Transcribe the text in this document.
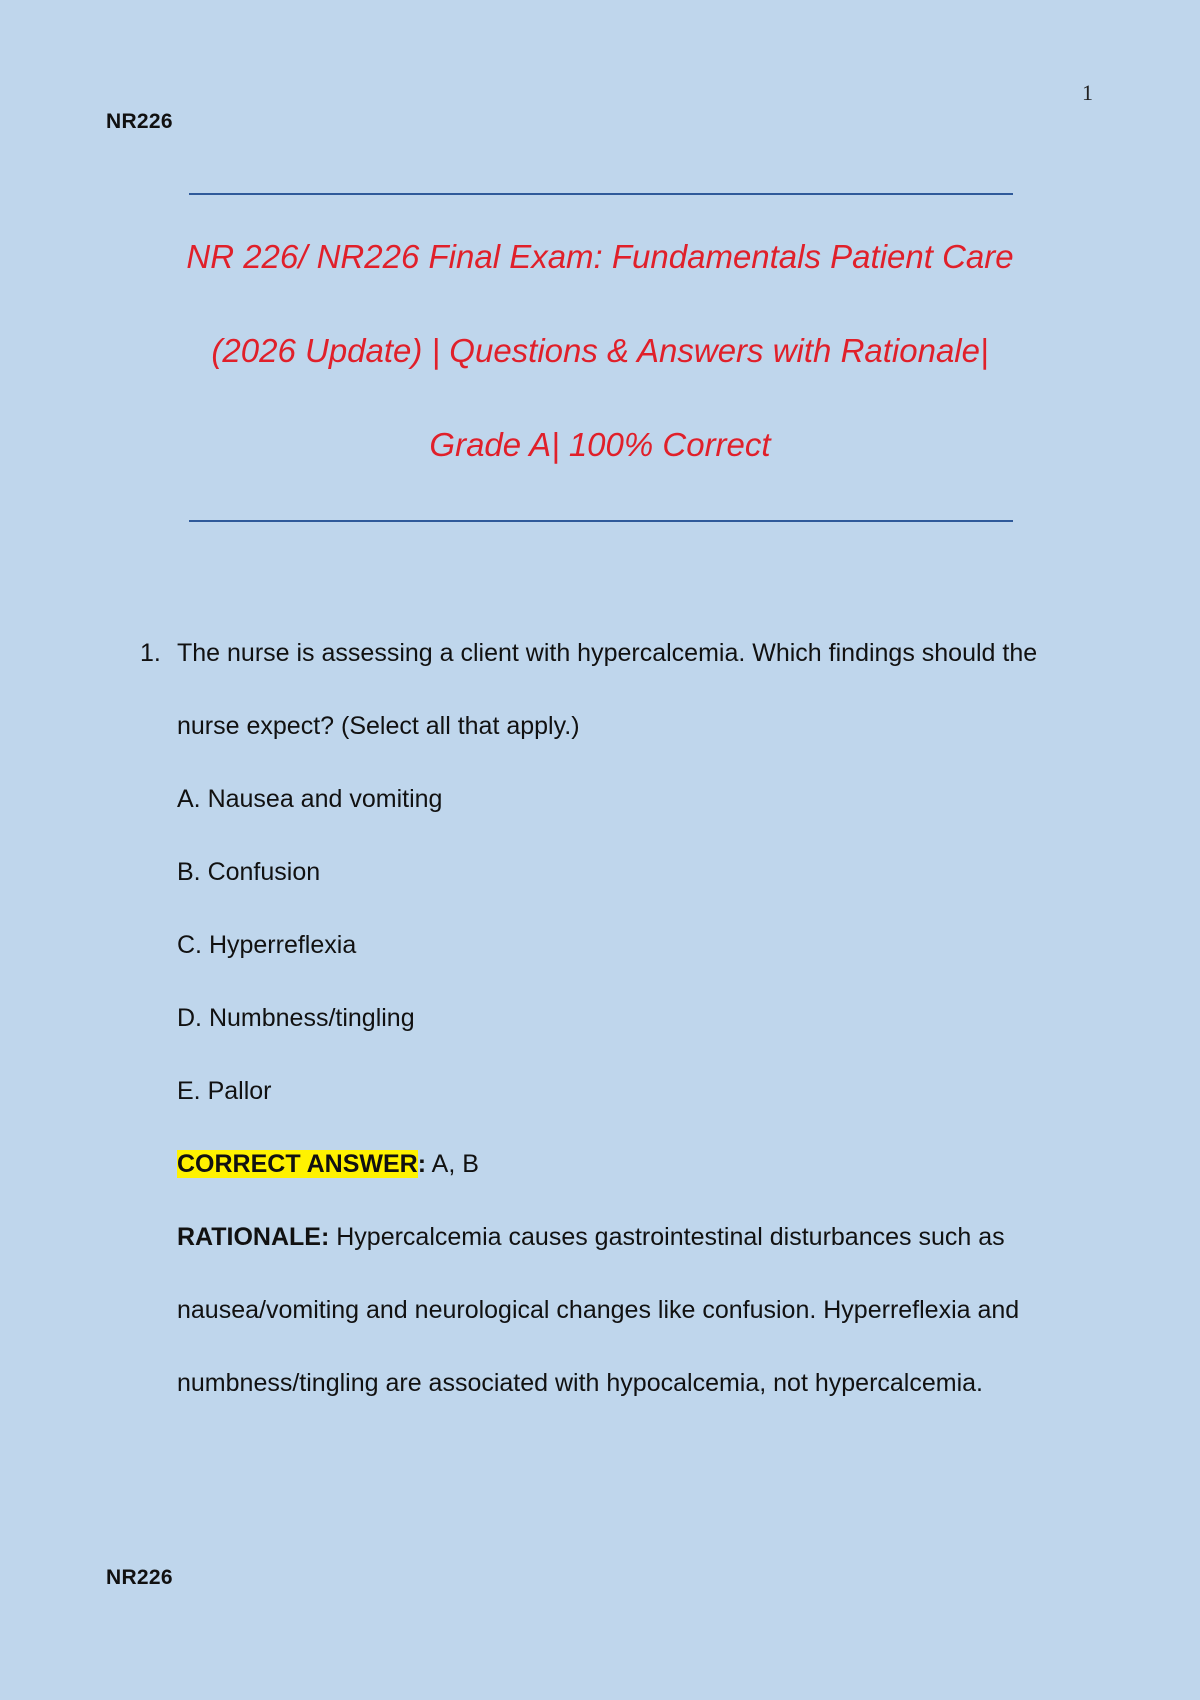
1
NR226
NR 226/ NR226 Final Exam: Fundamentals Patient Care
(2026 Update) | Questions & Answers with Rationale|
Grade A| 100% Correct
1. The nurse is assessing a client with hypercalcemia. Which findings should the
nurse expect? (Select all that apply.)
A. Nausea and vomiting
B. Confusion
C. Hyperreflexia
D. Numbness/tingling
E. Pallor
CORRECT ANSWER: A, B
RATIONALE: Hypercalcemia causes gastrointestinal disturbances such as
nausea/vomiting and neurological changes like confusion. Hyperreflexia and
numbness/tingling are associated with hypocalcemia, not hypercalcemia.
NR226
